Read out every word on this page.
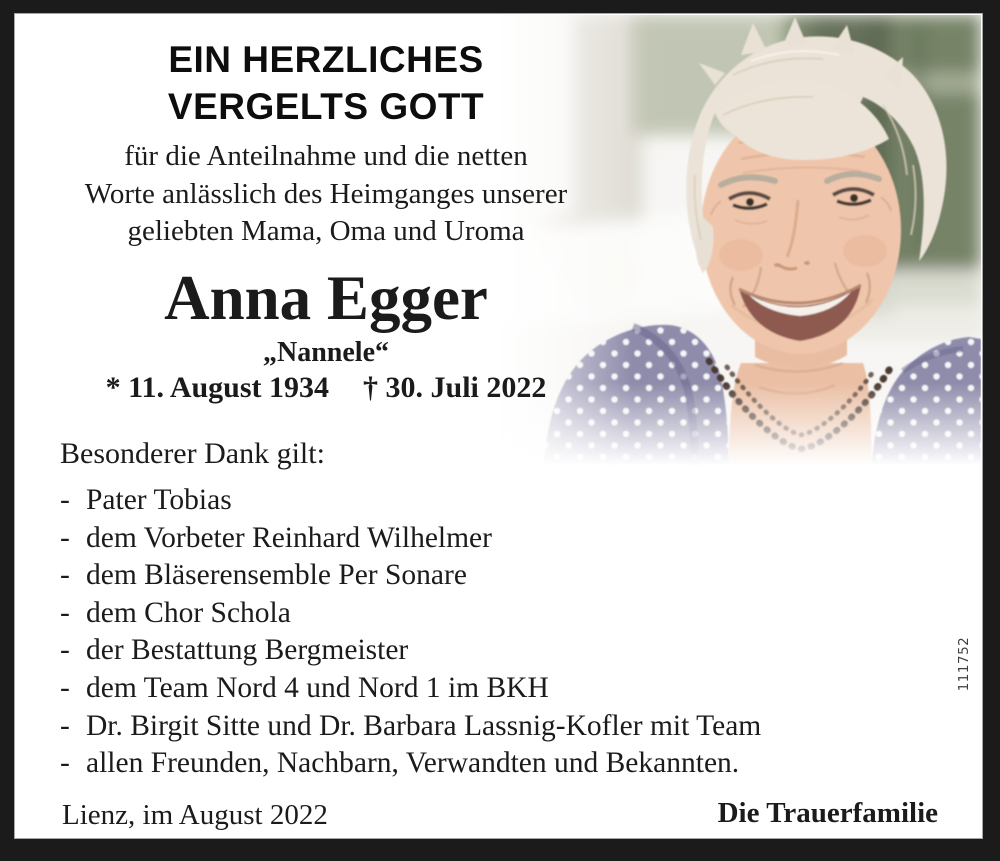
EIN HERZLICHES
VERGELTS GOTT
für die Anteilnahme und die netten
Worte anlässlich des Heimganges unserer
geliebten Mama, Oma und Uroma
Anna Egger
„Nannele“
* 11. August 1934 † 30. Juli 2022
Besonderer Dank gilt:
- Pater Tobias
- dem Vorbeter Reinhard Wilhelmer
- dem Bläserensemble Per Sonare
- dem Chor Schola
- der Bestattung Bergmeister
- dem Team Nord 4 und Nord 1 im BKH
- Dr. Birgit Sitte und Dr. Barbara Lassnig-Kofler mit Team
- allen Freunden, Nachbarn, Verwandten und Bekannten.
Lienz, im August 2022	Die Trauerfamilie
111752
